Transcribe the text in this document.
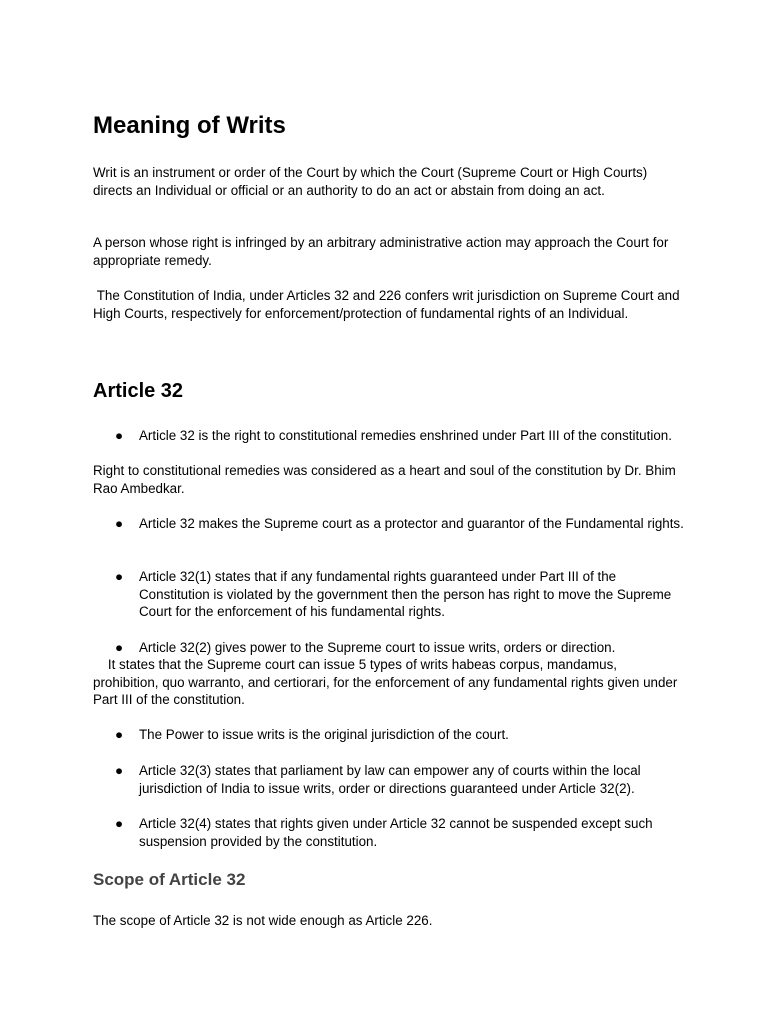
Meaning of Writs

Writ is an instrument or order of the Court by which the Court (Supreme Court or High Courts) directs an Individual or official or an authority to do an act or abstain from doing an act.

A person whose right is infringed by an arbitrary administrative action may approach the Court for appropriate remedy.

The Constitution of India, under Articles 32 and 226 confers writ jurisdiction on Supreme Court and High Courts, respectively for enforcement/protection of fundamental rights of an Individual.

Article 32
● Article 32 is the right to constitutional remedies enshrined under Part III of the constitution.

Right to constitutional remedies was considered as a heart and soul of the constitution by Dr. Bhim Rao Ambedkar.

● Article 32 makes the Supreme court as a protector and guarantor of the Fundamental rights.
● Article 32(1) states that if any fundamental rights guaranteed under Part III of the Constitution is violated by the government then the person has right to move the Supreme Court for the enforcement of his fundamental rights.
● Article 32(2) gives power to the Supreme court to issue writs, orders or direction.

It states that the Supreme court can issue 5 types of writs habeas corpus, mandamus, prohibition, quo warranto, and certiorari, for the enforcement of any fundamental rights given under Part III of the constitution.

● The Power to issue writs is the original jurisdiction of the court.
● Article 32(3) states that parliament by law can empower any of courts within the local jurisdiction of India to issue writs, order or directions guaranteed under Article 32(2).
● Article 32(4) states that rights given under Article 32 cannot be suspended except such suspension provided by the constitution.
Scope of Article 32

The scope of Article 32 is not wide enough as Article 226.
